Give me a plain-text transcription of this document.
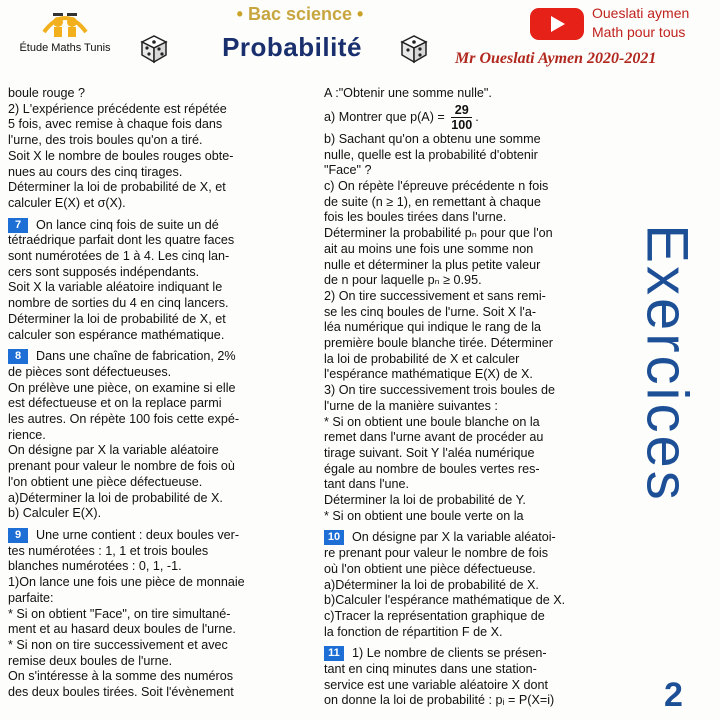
Étude Maths Tunis
• Bac science •
Probabilité
Oueslati aymen
Math pour tous
Mr Oueslati Aymen 2020-2021

boule rouge ?

2) L'expérience précédente est répétée

5 fois, avec remise à chaque fois dans

l'urne, des trois boules qu'on a tiré.

Soit X le nombre de boules rouges obte-

nues au cours des cinq tirages.

Déterminer la loi de probabilité de X, et

calculer E(X) et σ(X).

7 On lance cinq fois de suite un dé

tétraédrique parfait dont les quatre faces

sont numérotées de 1 à 4. Les cinq lan-

cers sont supposés indépendants.

Soit X la variable aléatoire indiquant le

nombre de sorties du 4 en cinq lancers.

Déterminer la loi de probabilité de X, et

calculer son espérance mathématique.

8 Dans une chaîne de fabrication, 2%

de pièces sont défectueuses.

On prélève une pièce, on examine si elle

est défectueuse et on la replace parmi

les autres. On répète 100 fois cette expé-

rience.

On désigne par X la variable aléatoire

prenant pour valeur le nombre de fois où

l'on obtient une pièce défectueuse.

a)Déterminer la loi de probabilité de X.

b) Calculer E(X).

9 Une urne contient : deux boules ver-

tes numérotées : 1, 1 et trois boules

blanches numérotées : 0, 1, -1.

1)On lance une fois une pièce de monnaie

parfaite:

* Si on obtient "Face", on tire simultané-

ment et au hasard deux boules de l'urne.

* Si non on tire successivement et avec

remise deux boules de l'urne.

On s'intéresse à la somme des numéros

des deux boules tirées. Soit l'évènement

A :"Obtenir une somme nulle".

a) Montrer que $p(A) = \frac{29}{100}$ .

b) Sachant qu'on a obtenu une somme

nulle, quelle est la probabilité d'obtenir

"Face" ?

c) On répète l'épreuve précédente n fois

de suite (n ≥ 1), en remettant à chaque

fois les boules tirées dans l'urne.

Déterminer la probabilité pₙ pour que l'on

ait au moins une fois une somme non

nulle et déterminer la plus petite valeur

de n pour laquelle pₙ ≥ 0.95.

2) On tire successivement et sans remi-

se les cinq boules de l'urne. Soit X l'a-

léa numérique qui indique le rang de la

première boule blanche tirée. Déterminer

la loi de probabilité de X et calculer

l'espérance mathématique E(X) de X.

3) On tire successivement trois boules de

l'urne de la manière suivantes :

* Si on obtient une boule blanche on la

remet dans l'urne avant de procéder au

tirage suivant. Soit Y l'aléa numérique

égale au nombre de boules vertes res-

tant dans l'une.

Déterminer la loi de probabilité de Y.

* Si on obtient une boule verte on la

10 On désigne par X la variable aléatoi-

re prenant pour valeur le nombre de fois

où l'on obtient une pièce défectueuse.

a)Déterminer la loi de probabilité de X.

b)Calculer l'espérance mathématique de X.

c)Tracer la représentation graphique de

la fonction de répartition F de X.

11 1) Le nombre de clients se présen-

tant en cinq minutes dans une station-

service est une variable aléatoire X dont

on donne la loi de probabilité : pᵢ = P(X=i)

Exercices
2
